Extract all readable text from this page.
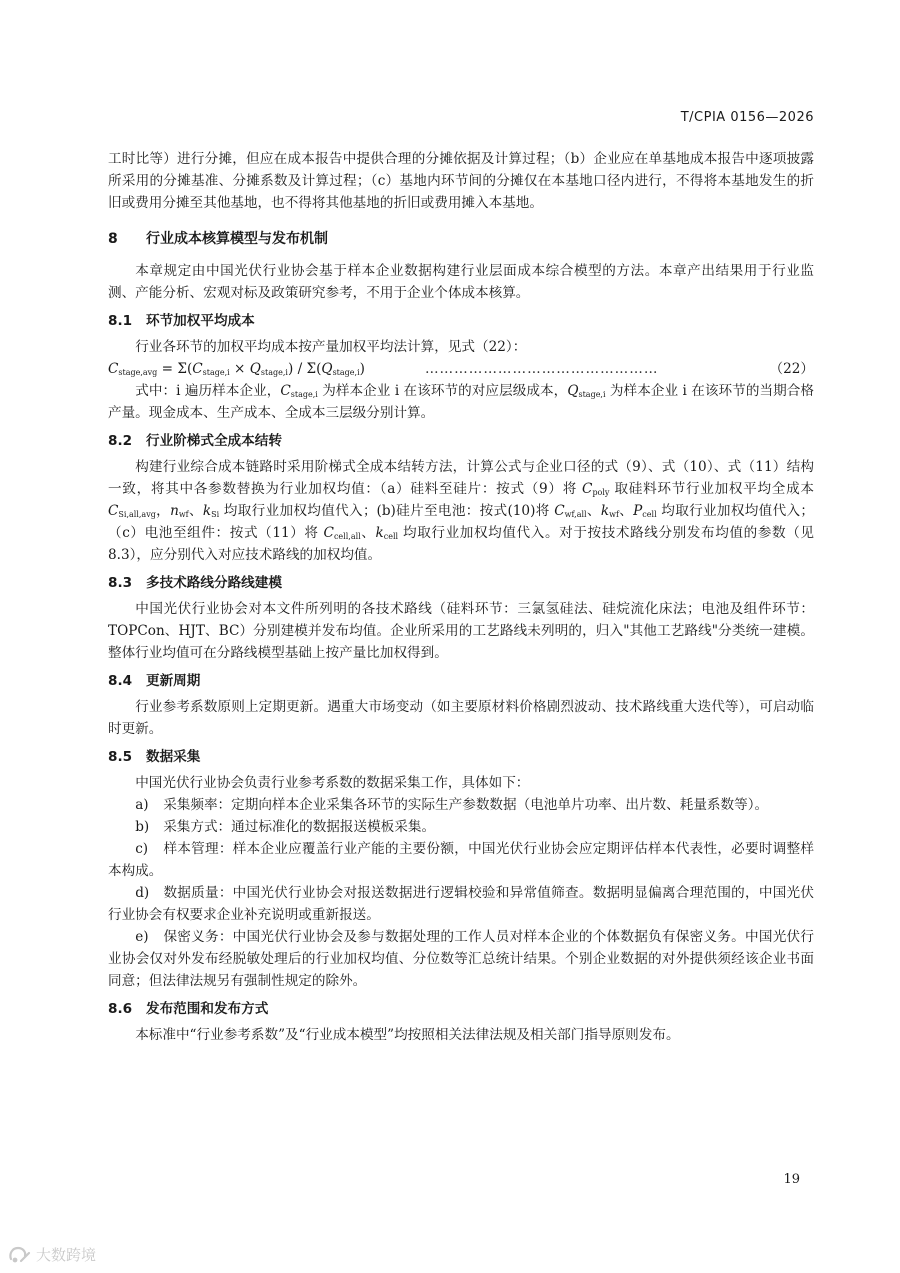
T/CPIA 0156—2026

工时比等）进行分摊，但应在成本报告中提供合理的分摊依据及计算过程；（b）企业应在单基地成本报告中逐项披露所采用的分摊基准、分摊系数及计算过程；（c）基地内环节间的分摊仅在本基地口径内进行，不得将本基地发生的折旧或费用分摊至其他基地，也不得将其他基地的折旧或费用摊入本基地。

8 行业成本核算模型与发布机制

本章规定由中国光伏行业协会基于样本企业数据构建行业层面成本综合模型的方法。本章产出结果用于行业监测、产能分析、宏观对标及政策研究参考，不用于企业个体成本核算。

8.1 环节加权平均成本

行业各环节的加权平均成本按产量加权平均法计算，见式（22）：

$C_{stage,avg} = \Sigma(C_{stage,i} \times Q_{stage,i}) / \Sigma(Q_{stage,i})$	…………………………………………	（22）

式中：i 遍历样本企业，$C_{stage,i}$ 为样本企业 i 在该环节的对应层级成本，$Q_{stage,i}$ 为样本企业 i 在该环节的当期合格产量。现金成本、生产成本、全成本三层级分别计算。

8.2 行业阶梯式全成本结转

构建行业综合成本链路时采用阶梯式全成本结转方法，计算公式与企业口径的式（9）、式（10）、式（11）结构一致，将其中各参数替换为行业加权均值：（a）硅料至硅片：按式（9）将 $C_{poly}$ 取硅料环节行业加权平均全成本 $C_{Si,all,avg}$，$n_{wf}$、$k_{Si}$ 均取行业加权均值代入；(b)硅片至电池：按式(10)将 $C_{wf,all}$、$k_{wf}$、$P_{cell}$ 均取行业加权均值代入；（c）电池至组件：按式（11）将 $C_{cell,all}$、$k_{cell}$ 均取行业加权均值代入。对于按技术路线分别发布均值的参数（见8.3），应分别代入对应技术路线的加权均值。

8.3 多技术路线分路线建模

中国光伏行业协会对本文件所列明的各技术路线（硅料环节：三氯氢硅法、硅烷流化床法；电池及组件环节：TOPCon、HJT、BC）分别建模并发布均值。企业所采用的工艺路线未列明的，归入"其他工艺路线"分类统一建模。整体行业均值可在分路线模型基础上按产量比加权得到。

8.4 更新周期

行业参考系数原则上定期更新。遇重大市场变动（如主要原材料价格剧烈波动、技术路线重大迭代等），可启动临时更新。

8.5 数据采集

中国光伏行业协会负责行业参考系数的数据采集工作，具体如下：

a) 采集频率：定期向样本企业采集各环节的实际生产参数数据（电池单片功率、出片数、耗量系数等）。

b) 采集方式：通过标准化的数据报送模板采集。

c) 样本管理：样本企业应覆盖行业产能的主要份额，中国光伏行业协会应定期评估样本代表性，必要时调整样本构成。

d) 数据质量：中国光伏行业协会对报送数据进行逻辑校验和异常值筛查。数据明显偏离合理范围的，中国光伏行业协会有权要求企业补充说明或重新报送。

e) 保密义务：中国光伏行业协会及参与数据处理的工作人员对样本企业的个体数据负有保密义务。中国光伏行业协会仅对外发布经脱敏处理后的行业加权均值、分位数等汇总统计结果。个别企业数据的对外提供须经该企业书面同意；但法律法规另有强制性规定的除外。

8.6 发布范围和发布方式

本标准中“行业参考系数”及“行业成本模型”均按照相关法律法规及相关部门指导原则发布。

19
大数跨境
